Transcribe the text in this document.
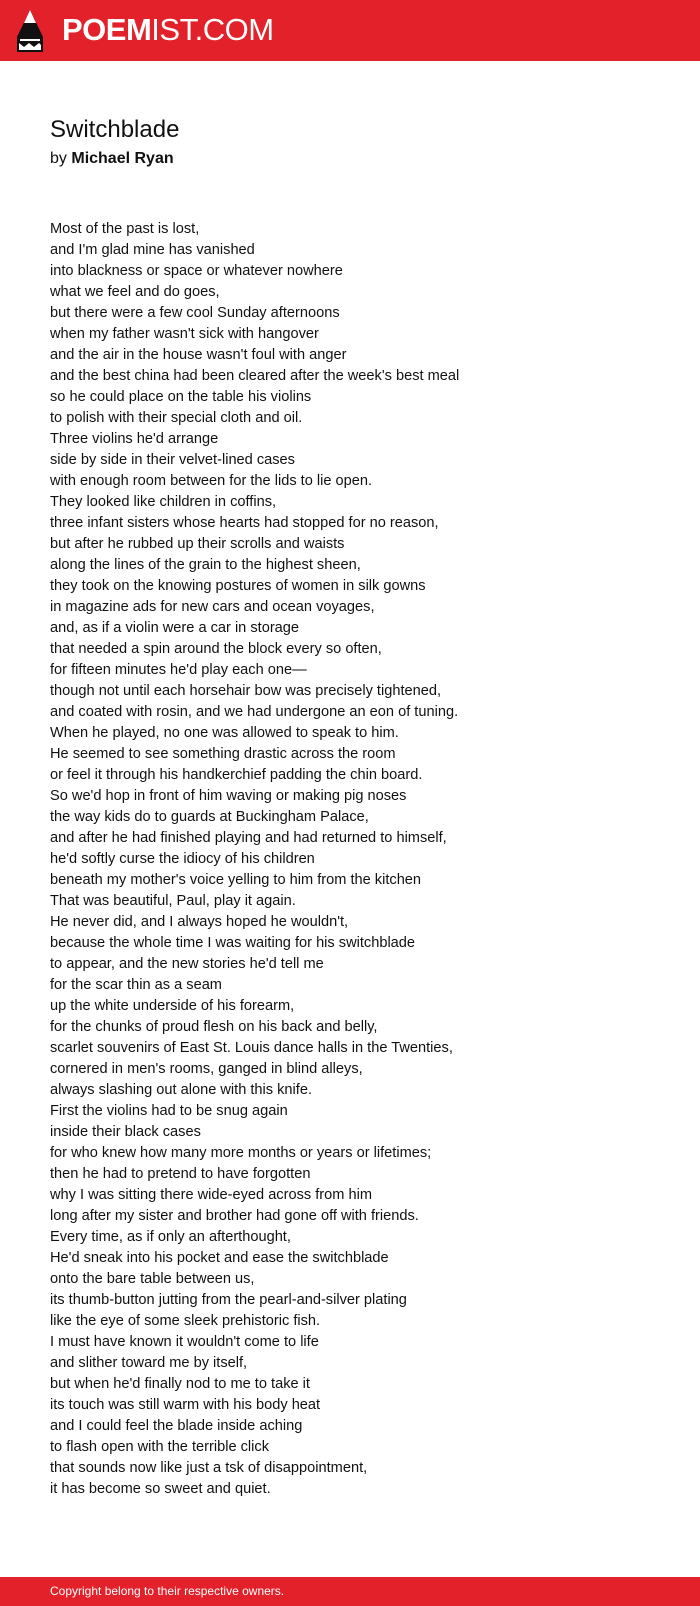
POEMIST.COM
Switchblade
by Michael Ryan
Most of the past is lost,
and I'm glad mine has vanished
into blackness or space or whatever nowhere
what we feel and do goes,
but there were a few cool Sunday afternoons
when my father wasn't sick with hangover
and the air in the house wasn't foul with anger
and the best china had been cleared after the week's best meal
so he could place on the table his violins
to polish with their special cloth and oil.
Three violins he'd arrange
side by side in their velvet-lined cases
with enough room between for the lids to lie open.
They looked like children in coffins,
three infant sisters whose hearts had stopped for no reason,
but after he rubbed up their scrolls and waists
along the lines of the grain to the highest sheen,
they took on the knowing postures of women in silk gowns
in magazine ads for new cars and ocean voyages,
and, as if a violin were a car in storage
that needed a spin around the block every so often,
for fifteen minutes he'd play each one—
though not until each horsehair bow was precisely tightened,
and coated with rosin, and we had undergone an eon of tuning.
When he played, no one was allowed to speak to him.
He seemed to see something drastic across the room
or feel it through his handkerchief padding the chin board.
So we'd hop in front of him waving or making pig noses
the way kids do to guards at Buckingham Palace,
and after he had finished playing and had returned to himself,
he'd softly curse the idiocy of his children
beneath my mother's voice yelling to him from the kitchen
That was beautiful, Paul, play it again.
He never did, and I always hoped he wouldn't,
because the whole time I was waiting for his switchblade
to appear, and the new stories he'd tell me
for the scar thin as a seam
up the white underside of his forearm,
for the chunks of proud flesh on his back and belly,
scarlet souvenirs of East St. Louis dance halls in the Twenties,
cornered in men's rooms, ganged in blind alleys,
always slashing out alone with this knife.
First the violins had to be snug again
inside their black cases
for who knew how many more months or years or lifetimes;
then he had to pretend to have forgotten
why I was sitting there wide-eyed across from him
long after my sister and brother had gone off with friends.
Every time, as if only an afterthought,
He'd sneak into his pocket and ease the switchblade
onto the bare table between us,
its thumb-button jutting from the pearl-and-silver plating
like the eye of some sleek prehistoric fish.
I must have known it wouldn't come to life
and slither toward me by itself,
but when he'd finally nod to me to take it
its touch was still warm with his body heat
and I could feel the blade inside aching
to flash open with the terrible click
that sounds now like just a tsk of disappointment,
it has become so sweet and quiet.
Copyright belong to their respective owners.
